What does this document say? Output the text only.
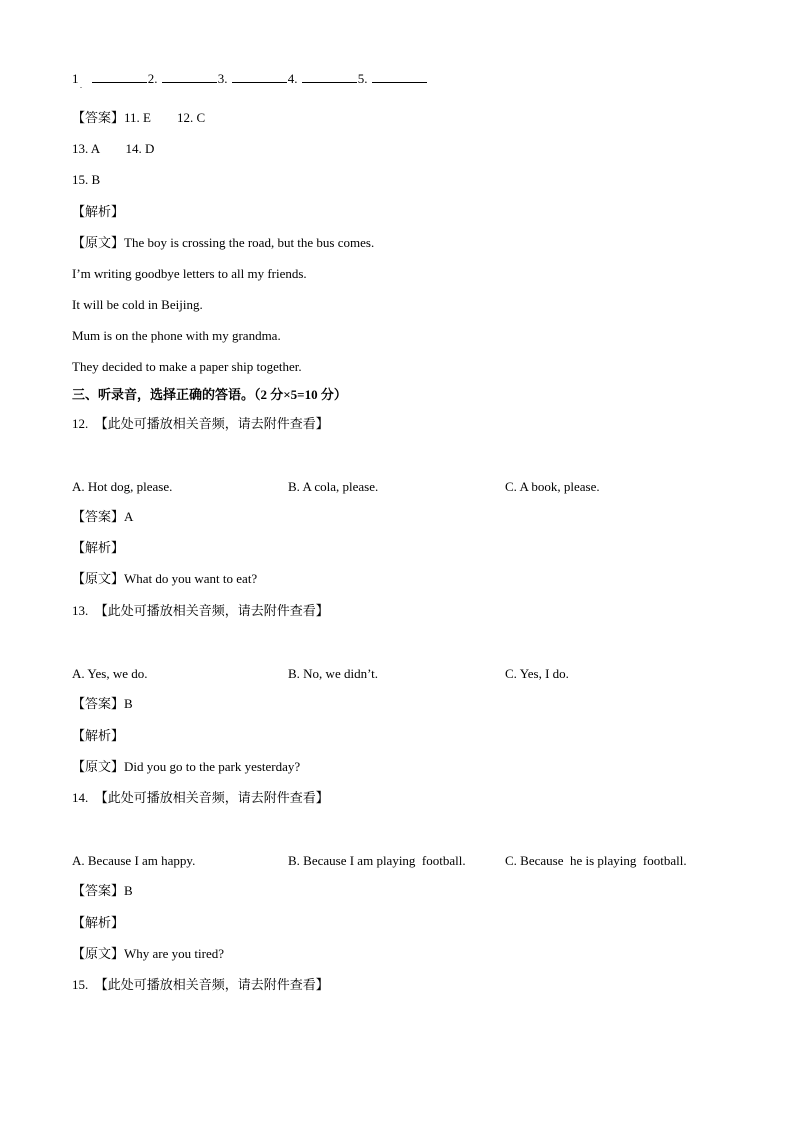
1	2.	3.	4.	5.
.
【答案】11. E        12. C
13. A        14. D
15. B
【解析】
【原文】The boy is crossing the road, but the bus comes.
I’m writing goodbye letters to all my friends.
It will be cold in Beijing.
Mum is on the phone with my grandma.
They decided to make a paper ship together.
三、听录音，选择正确的答语。（2 分×5=10 分）
12.  【此处可播放相关音频，请去附件查看】
A. Hot dog, please.	B. A cola, please.	C. A book, please.
【答案】A
【解析】
【原文】What do you want to eat?
13.  【此处可播放相关音频，请去附件查看】
A. Yes, we do.	B. No, we didn’t.	C. Yes, I do.
【答案】B
【解析】
【原文】Did you go to the park yesterday?
14.  【此处可播放相关音频，请去附件查看】
A. Because I am happy.	B. Because I am playing  football.	C. Because  he is playing  football.
【答案】B
【解析】
【原文】Why are you tired?
15.  【此处可播放相关音频，请去附件查看】
